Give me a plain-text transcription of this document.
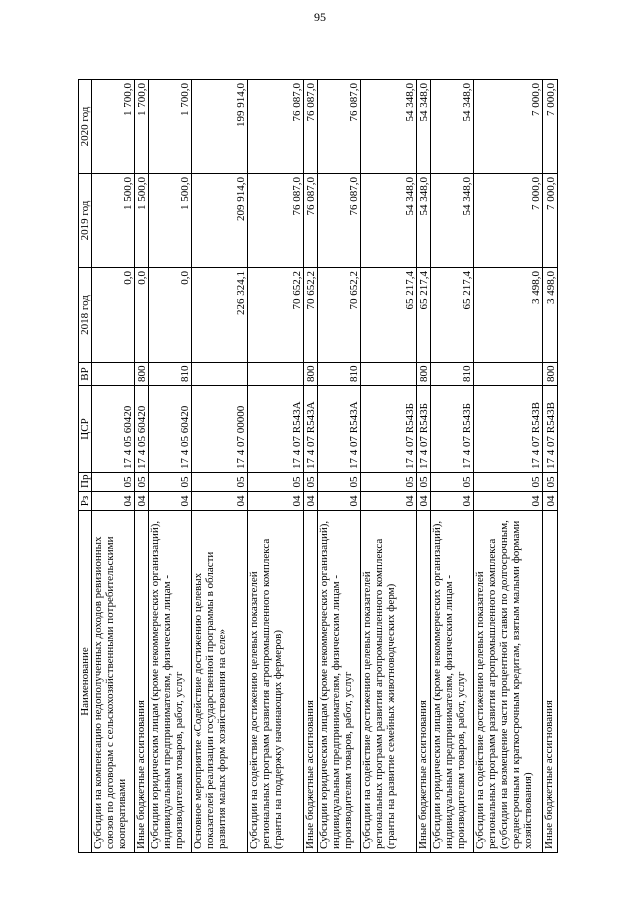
95
Наименование	Рз	Пр	ЦСР	ВР	2018 год	2019 год	2020 год
Субсидии на компенсацию недополученных доходов ревизионных союзов по договорам с сельскохозяйственными потребительскими кооперативами	04	05	17 4 05 60420		0,0	1 500,0	1 700,0
Иные бюджетные ассигнования	04	05	17 4 05 60420	800	0,0	1 500,0	1 700,0
Субсидии юридическим лицам (кроме некоммерческих организаций), индивидуальным предпринимателям, физическим лицам - производителям товаров, работ, услуг	04	05	17 4 05 60420	810	0,0	1 500,0	1 700,0
Основное мероприятие «Содействие достижению целевых показателей реализации государственной программы в области развития малых форм хозяйствования на селе»	04	05	17 4 07 00000		226 324,1	209 914,0	199 914,0
Субсидии на содействие достижению целевых показателей региональных программ развития агропромышленного комплекса (гранты на поддержку начинающих фермеров)	04	05	17 4 07 R543А		70 652,2	76 087,0	76 087,0
Иные бюджетные ассигнования	04	05	17 4 07 R543А	800	70 652,2	76 087,0	76 087,0
Субсидии юридическим лицам (кроме некоммерческих организаций), индивидуальным предпринимателям, физическим лицам - производителям товаров, работ, услуг	04	05	17 4 07 R543А	810	70 652,2	76 087,0	76 087,0
Субсидии на содействие достижению целевых показателей региональных программ развития агропромышленного комплекса (гранты на развитие семейных животноводческих ферм)	04	05	17 4 07 R543Б		65 217,4	54 348,0	54 348,0
Иные бюджетные ассигнования	04	05	17 4 07 R543Б	800	65 217,4	54 348,0	54 348,0
Субсидии юридическим лицам (кроме некоммерческих организаций), индивидуальным предпринимателям, физическим лицам - производителям товаров, работ, услуг	04	05	17 4 07 R543Б	810	65 217,4	54 348,0	54 348,0
Субсидии на содействие достижению целевых показателей региональных программ развития агропромышленного комплекса (субсидии на возмещение части процентной ставки по долгосрочным, среднесрочным и краткосрочным кредитам, взятым малыми формами хозяйствования)	04	05	17 4 07 R543В		3 498,0	7 000,0	7 000,0
Иные бюджетные ассигнования	04	05	17 4 07 R543В	800	3 498,0	7 000,0	7 000,0
